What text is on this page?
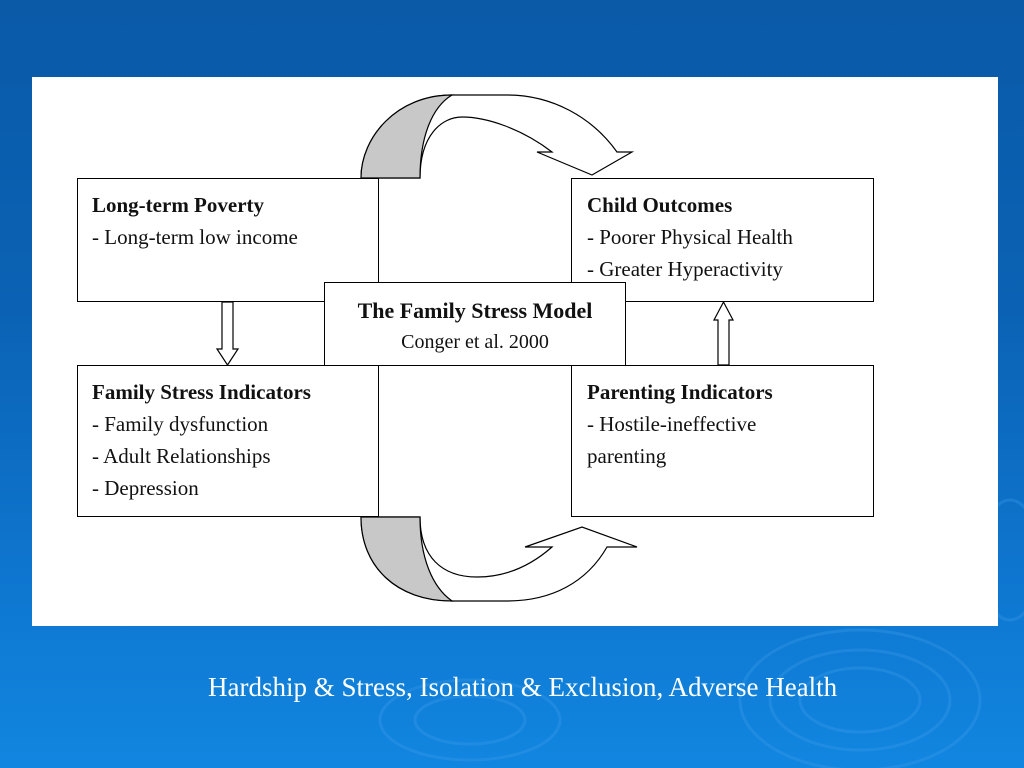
Long-term Poverty
- Long-term low income
Child Outcomes
- Poorer Physical Health
- Greater Hyperactivity
Family Stress Indicators
- Family dysfunction
- Adult Relationships
- Depression
Parenting Indicators
- Hostile-ineffective
parenting
The Family Stress Model
Conger et al. 2000
Hardship & Stress, Isolation & Exclusion, Adverse Health
